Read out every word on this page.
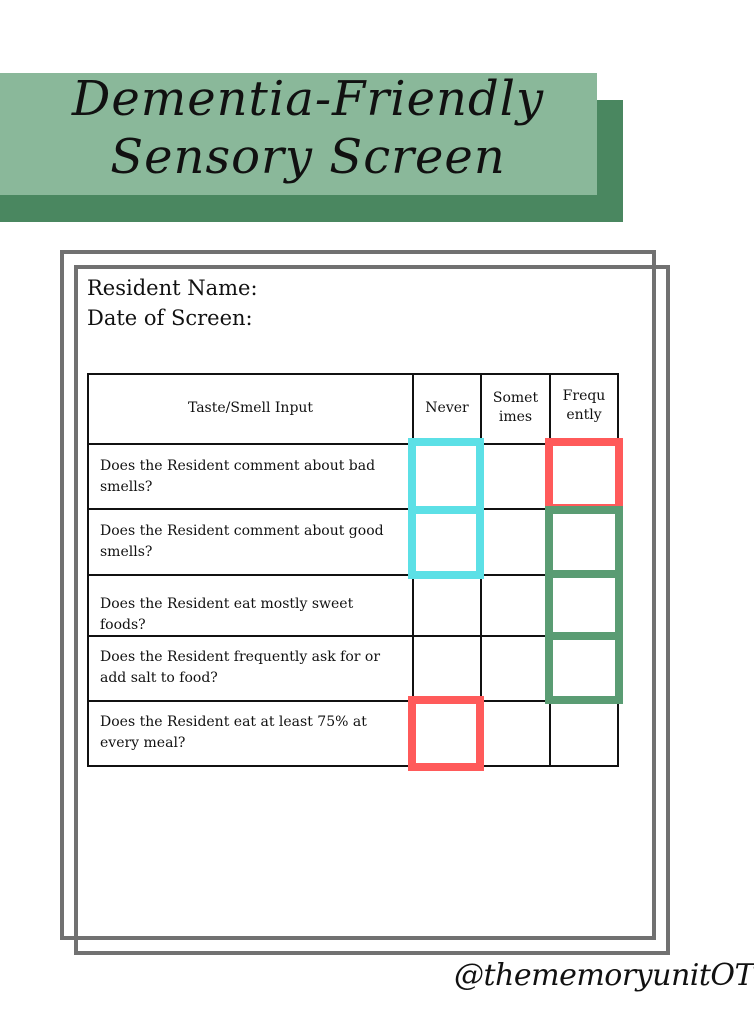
Dementia-Friendly Sensory Screen
Resident Name:
Date of Screen:
Taste/Smell Input	Never
Somet
imes
Frequ
ently
Does the Resident comment about bad smells?
Does the Resident comment about good smells?
Does the Resident eat mostly sweet foods?
Does the Resident frequently ask for or add salt to food?
Does the Resident eat at least 75% at every meal?
@thememoryunitOT
